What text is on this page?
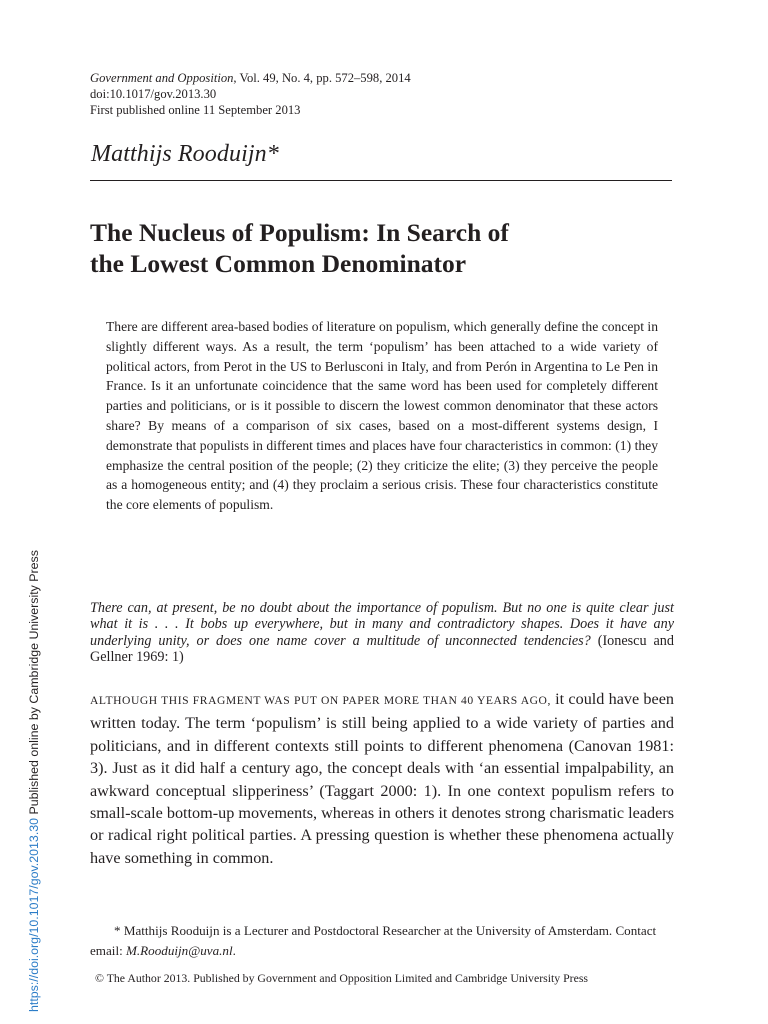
Government and Opposition, Vol. 49, No. 4, pp. 572–598, 2014
doi:10.1017/gov.2013.30
First published online 11 September 2013
Matthijs Rooduijn*
The Nucleus of Populism: In Search of
the Lowest Common Denominator
There are different area-based bodies of literature on populism, which generally define the concept in slightly different ways. As a result, the term ‘populism’ has been attached to a wide variety of political actors, from Perot in the US to Berlusconi in Italy, and from Perón in Argentina to Le Pen in France. Is it an unfortunate coincidence that the same word has been used for completely different parties and politicians, or is it possible to discern the lowest common denominator that these actors share? By means of a comparison of six cases, based on a most-different systems design, I demonstrate that populists in different times and places have four characteristics in common: (1) they emphasize the central position of the people; (2) they criticize the elite; (3) they perceive the people as a homogeneous entity; and (4) they proclaim a serious crisis. These four characteristics constitute the core elements of populism.
There can, at present, be no doubt about the importance of populism. But no one is quite clear just what it is . . . It bobs up everywhere, but in many and contradictory shapes. Does it have any underlying unity, or does one name cover a multitude of unconnected tendencies? (Ionescu and Gellner 1969: 1)
ALTHOUGH THIS FRAGMENT WAS PUT ON PAPER MORE THAN 40 YEARS AGO, it could have been written today. The term ‘populism’ is still being applied to a wide variety of parties and politicians, and in different contexts still points to different phenomena (Canovan 1981: 3). Just as it did half a century ago, the concept deals with ‘an essential impalpability, an awkward conceptual slipperiness’ (Taggart 2000: 1). In one context populism refers to small-scale bottom-up movements, whereas in others it denotes strong charismatic leaders or radical right political parties. A pressing question is whether these phenomena actually have something in common.
* Matthijs Rooduijn is a Lecturer and Postdoctoral Researcher at the University of Amsterdam. Contact email: M.Rooduijn@uva.nl.
© The Author 2013. Published by Government and Opposition Limited and Cambridge University Press
https://doi.org/10.1017/gov.2013.30 Published online by Cambridge University Press
